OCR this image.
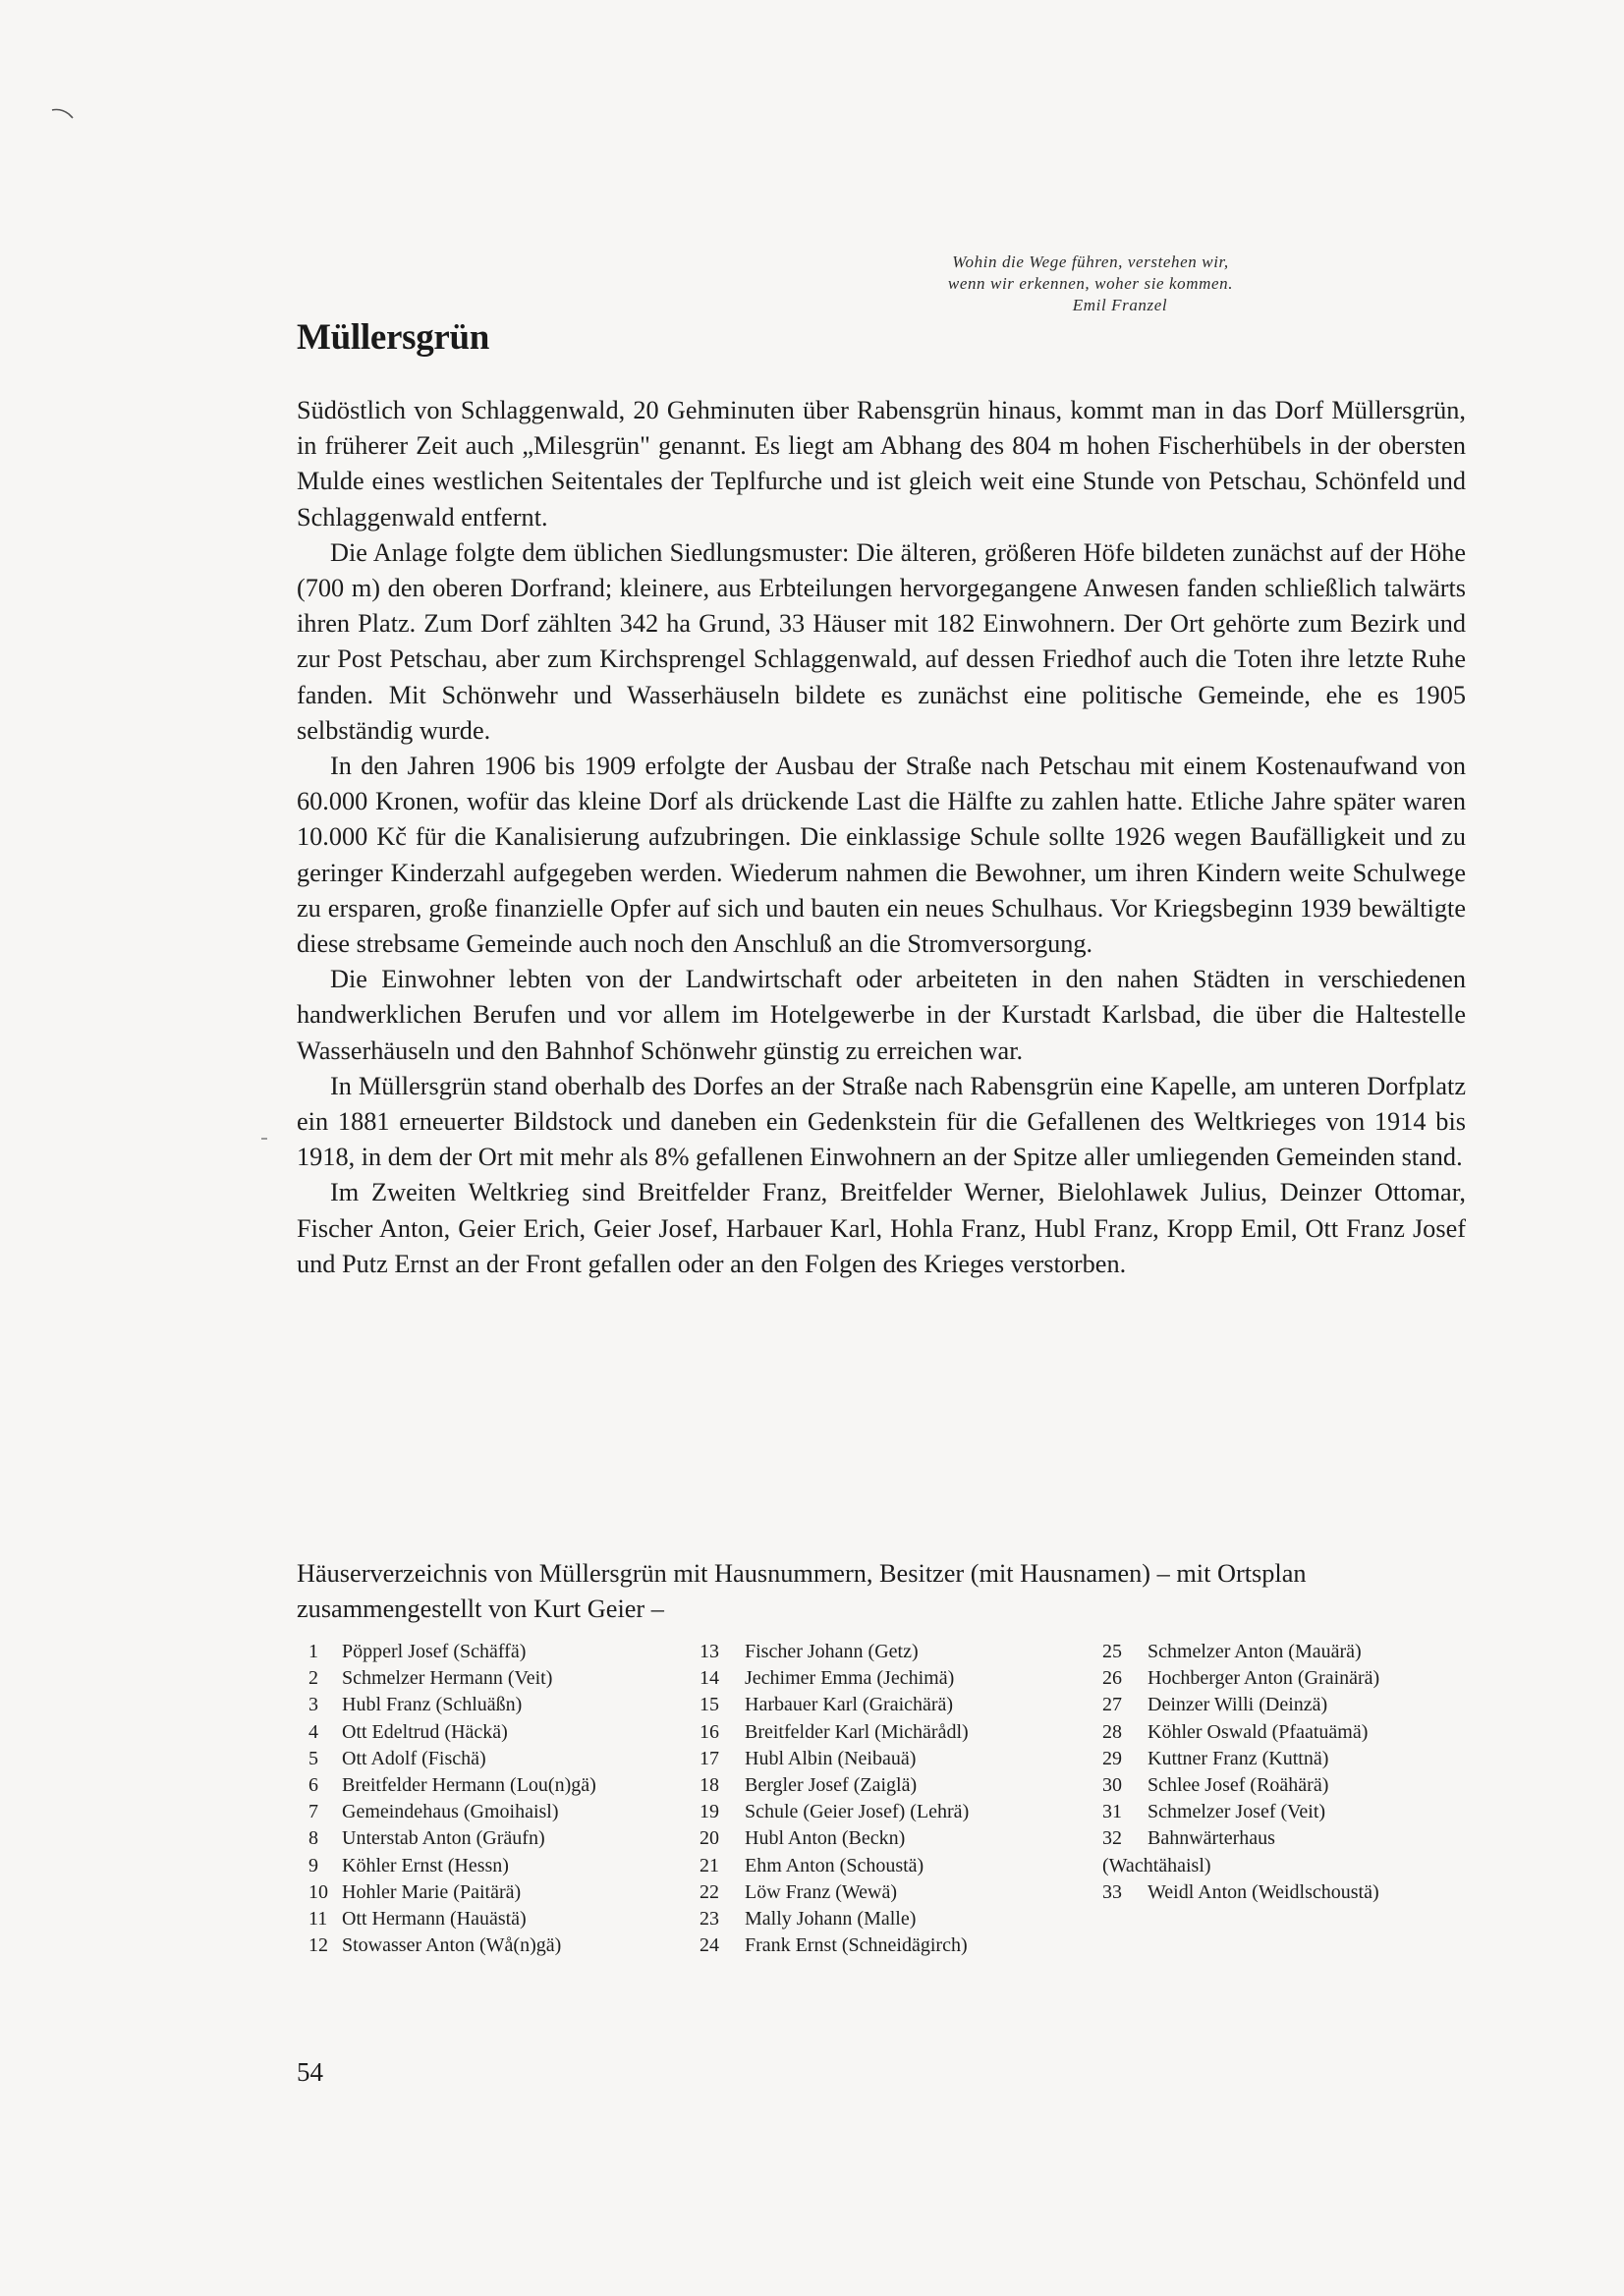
Wohin die Wege führen, verstehen wir,
wenn wir erkennen, woher sie kommen.
Emil Franzel
Müllersgrün

Südöstlich von Schlaggenwald, 20 Gehminuten über Rabensgrün hinaus, kommt man in das Dorf Müllersgrün, in früherer Zeit auch „Milesgrün" genannt. Es liegt am Abhang des 804 m hohen Fischerhübels in der obersten Mulde eines westlichen Seitentales der Teplfurche und ist gleich weit eine Stunde von Petschau, Schönfeld und Schlaggenwald entfernt.

Die Anlage folgte dem üblichen Siedlungsmuster: Die älteren, größeren Höfe bildeten zunächst auf der Höhe (700 m) den oberen Dorfrand; kleinere, aus Erbteilungen hervorgegangene Anwesen fanden schließlich talwärts ihren Platz. Zum Dorf zählten 342 ha Grund, 33 Häuser mit 182 Einwohnern. Der Ort gehörte zum Bezirk und zur Post Petschau, aber zum Kirchsprengel Schlaggenwald, auf dessen Friedhof auch die Toten ihre letzte Ruhe fanden. Mit Schönwehr und Wasserhäuseln bildete es zunächst eine politische Gemeinde, ehe es 1905 selbständig wurde.

In den Jahren 1906 bis 1909 erfolgte der Ausbau der Straße nach Petschau mit einem Kostenaufwand von 60.000 Kronen, wofür das kleine Dorf als drückende Last die Hälfte zu zahlen hatte. Etliche Jahre später waren 10.000 Kč für die Kanalisierung aufzubringen. Die einklassige Schule sollte 1926 wegen Baufälligkeit und zu geringer Kinderzahl aufgegeben werden. Wiederum nahmen die Bewohner, um ihren Kindern weite Schulwege zu ersparen, große finanzielle Opfer auf sich und bauten ein neues Schulhaus. Vor Kriegsbeginn 1939 bewältigte diese strebsame Gemeinde auch noch den Anschluß an die Stromversorgung.

Die Einwohner lebten von der Landwirtschaft oder arbeiteten in den nahen Städten in verschiedenen handwerklichen Berufen und vor allem im Hotelgewerbe in der Kurstadt Karlsbad, die über die Haltestelle Wasserhäuseln und den Bahnhof Schönwehr günstig zu erreichen war.

In Müllersgrün stand oberhalb des Dorfes an der Straße nach Rabensgrün eine Kapelle, am unteren Dorfplatz ein 1881 erneuerter Bildstock und daneben ein Gedenkstein für die Gefallenen des Weltkrieges von 1914 bis 1918, in dem der Ort mit mehr als 8% gefallenen Einwohnern an der Spitze aller umliegenden Gemeinden stand.

Im Zweiten Weltkrieg sind Breitfelder Franz, Breitfelder Werner, Bielohlawek Julius, Deinzer Ottomar, Fischer Anton, Geier Erich, Geier Josef, Harbauer Karl, Hohla Franz, Hubl Franz, Kropp Emil, Ott Franz Josef und Putz Ernst an der Front gefallen oder an den Folgen des Krieges verstorben.

Häuserverzeichnis von Müllersgrün mit Hausnummern, Besitzer (mit Hausnamen) – mit Ortsplan zusammengestellt von Kurt Geier –

1	Pöpperl Josef (Schäffä)
2	Schmelzer Hermann (Veit)
3	Hubl Franz (Schluäßn)
4	Ott Edeltrud (Häckä)
5	Ott Adolf (Fischä)
6	Breitfelder Hermann (Lou(n)gä)
7	Gemeindehaus (Gmoihaisl)
8	Unterstab Anton (Gräufn)
9	Köhler Ernst (Hessn)
10 Hohler Marie (Paitärä)
11 Ott Hermann (Hauästä)
12 Stowasser Anton (Wå(n)gä)
13	Fischer Johann (Getz)
14	Jechimer Emma (Jechimä)
15	Harbauer Karl (Graichärä)
16	Breitfelder Karl (Michärådl)
17	Hubl Albin (Neibauä)
18	Bergler Josef (Zaiglä)
19	Schule (Geier Josef) (Lehrä)
20	Hubl Anton (Beckn)
21	Ehm Anton (Schoustä)
22	Löw Franz (Wewä)
23	Mally Johann (Malle)
24	Frank Ernst (Schneidägirch)
25	Schmelzer Anton (Mauärä)
26	Hochberger Anton (Grainärä)
27	Deinzer Willi (Deinzä)
28	Köhler Oswald (Pfaatuämä)
29	Kuttner Franz (Kuttnä)
30	Schlee Josef (Roähärä)
31	Schmelzer Josef (Veit)
32	Bahnwärterhaus
(Wachtähaisl)
33	Weidl Anton (Weidlschoustä)
54
